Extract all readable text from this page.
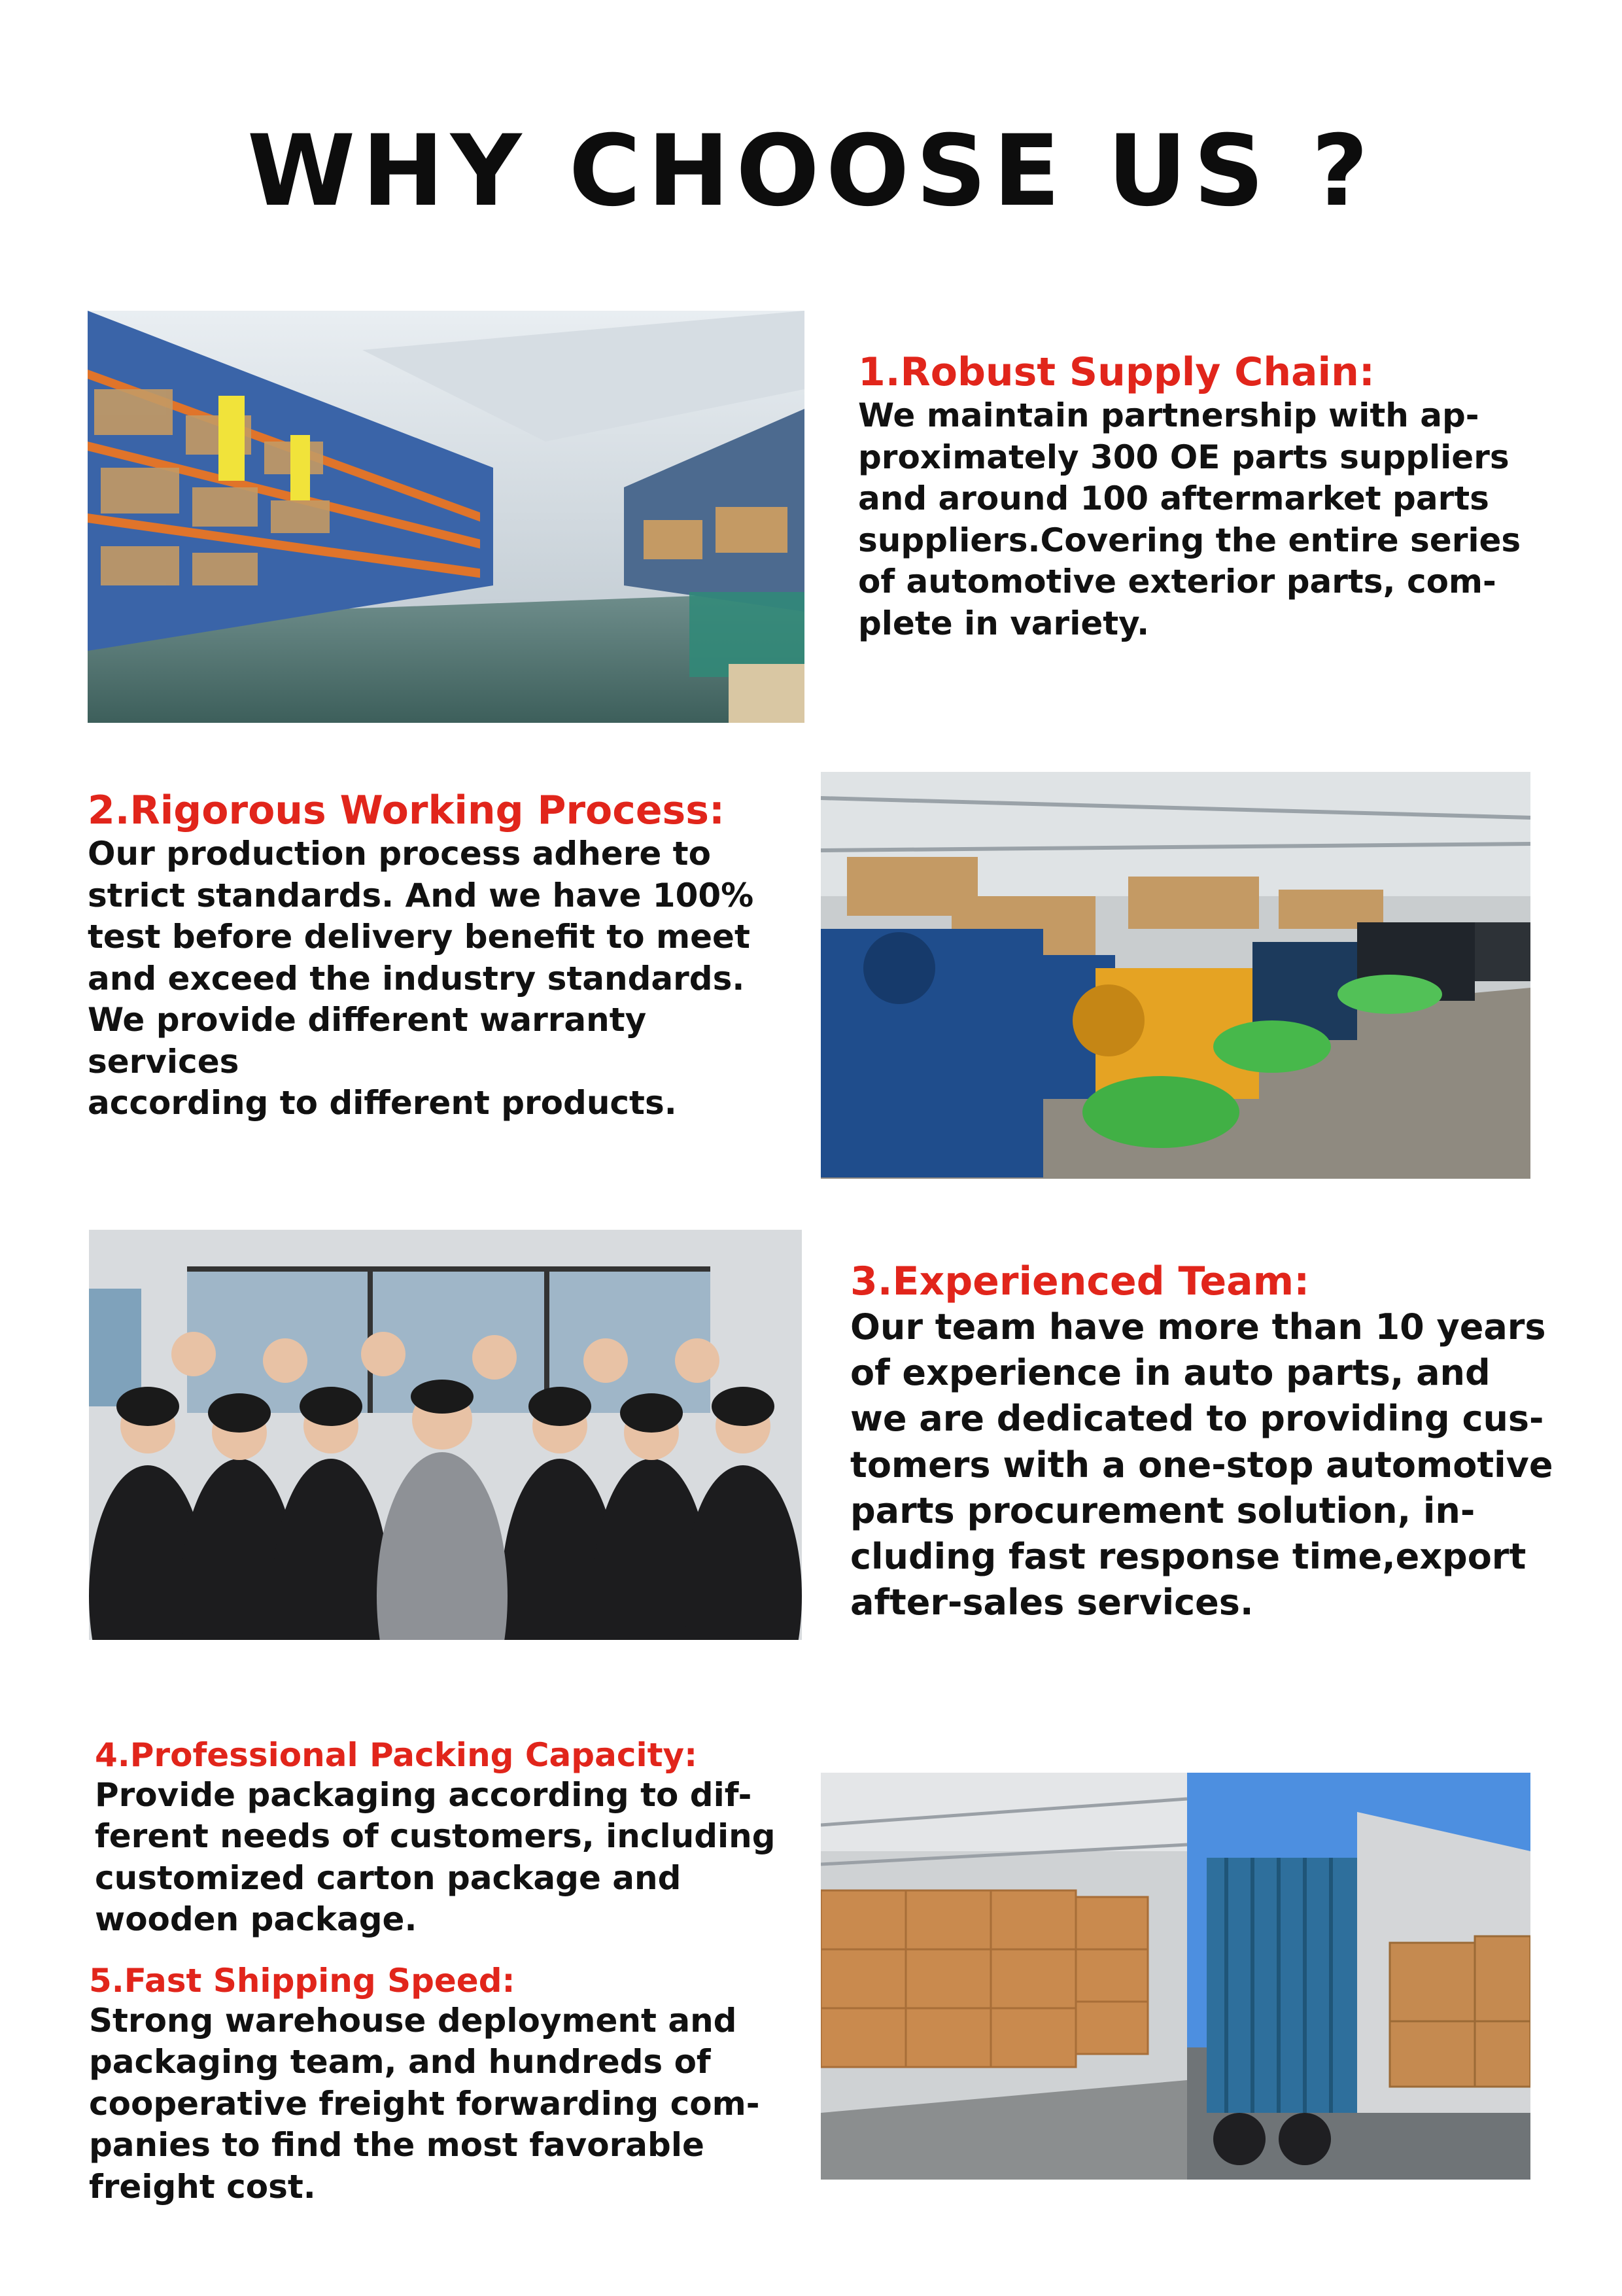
WHY CHOOSE US ?

1.Robust Supply Chain:

We maintain partnership with ap-

proximately 300 OE parts suppliers

and around 100 aftermarket parts

suppliers.Covering the entire series

of automotive exterior parts, com-

plete in variety.

2.Rigorous Working Process:

Our production process adhere to

strict standards. And we have 100%

test before delivery beneﬁt to meet

and exceed the industry standards.

We provide different warranty services

according to different products.

3.Experienced Team:

Our team have more than 10 years

of experience in auto parts, and

we are dedicated to providing cus-

tomers with a one-stop automotive

parts procurement solution, in-

cluding fast response time,export

after-sales services.

4.Professional Packing Capacity:

Provide packaging according to dif-

ferent needs of customers, including

customized carton package and

wooden package.

5.Fast Shipping Speed:

Strong warehouse deployment and

packaging team, and hundreds of

cooperative freight forwarding com-

panies to ﬁnd the most favorable

freight cost.
